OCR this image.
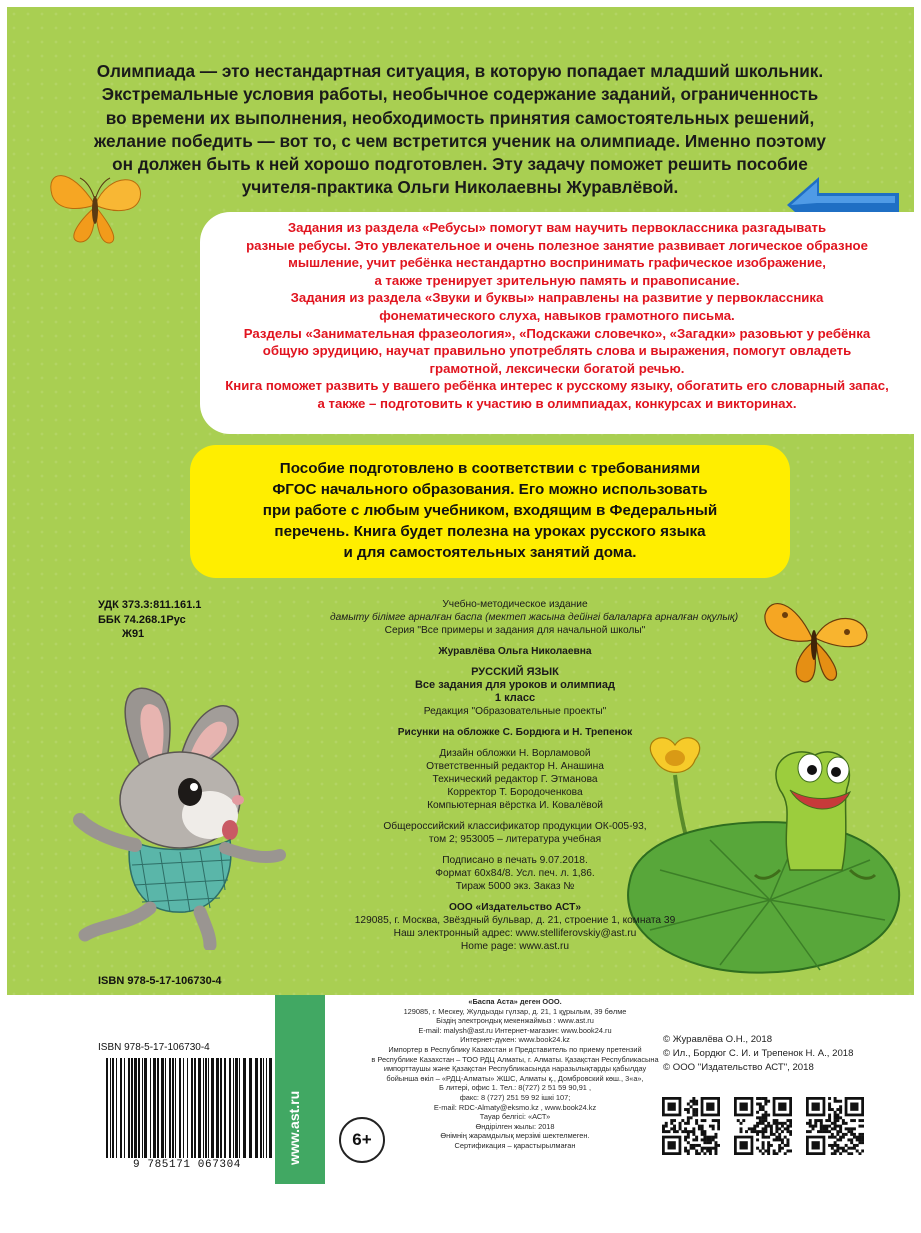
Олимпиада — это нестандартная ситуация, в которую попадает младший школьник.
Экстремальные условия работы, необычное содержание заданий, ограниченность
во времени их выполнения, необходимость принятия самостоятельных решений,
желание победить — вот то, с чем встретится ученик на олимпиаде. Именно поэтому
он должен быть к ней хорошо подготовлен. Эту задачу поможет решить пособие
учителя-практика Ольги Николаевны Журавлёвой.
Задания из раздела «Ребусы» помогут вам научить первоклассника разгадывать
разные ребусы. Это увлекательное и очень полезное занятие развивает логическое образное
мышление, учит ребёнка нестандартно воспринимать графическое изображение,
а также тренирует зрительную память и правописание.
Задания из раздела «Звуки и буквы» направлены на развитие у первоклассника
фонематического слуха, навыков грамотного письма.
Разделы «Занимательная фразеология», «Подскажи словечко», «Загадки» разовьют у ребёнка
общую эрудицию, научат правильно употреблять слова и выражения, помогут овладеть
грамотной, лексически богатой речью.
Книга поможет развить у вашего ребёнка интерес к русскому языку, обогатить его словарный запас,
а также – подготовить к участию в олимпиадах, конкурсах и викторинах.
Пособие подготовлено в соответствии с требованиями
ФГОС начального образования. Его можно использовать
при работе с любым учебником, входящим в Федеральный
перечень. Книга будет полезна на уроках русского языка
и для самостоятельных занятий дома.
УДК 373.3:811.161.1
ББК 74.268.1Рус
Ж91
Учебно-методическое издание
дамыту білімге арналған баспа (мектеп жасына дейінгі балаларға арналған оқулық)
Серия "Все примеры и задания для начальной школы"
Журавлёва Ольга Николаевна
РУССКИЙ ЯЗЫК
Все задания для уроков и олимпиад
1 класс
Редакция "Образовательные проекты"
Рисунки на обложке С. Бордюга и Н. Трепенок
Дизайн обложки Н. Ворламовой
Ответственный редактор Н. Анашина
Технический редактор Г. Этманова
Корректор Т. Бородоченкова
Компьютерная вёрстка И. Ковалёвой
Общероссийский классификатор продукции ОК-005-93,
том 2; 953005 – литература учебная
Подписано в печать 9.07.2018.
Формат 60x84/8. Усл. печ. л. 1,86.
Тираж 5000 экз. Заказ №
ООО «Издательство АСТ»
129085, г. Москва, Звёздный бульвар, д. 21, строение 1, комната 39
Наш электронный адрес: www.stelliferovskiy@ast.ru
Home page: www.ast.ru
ISBN 978-5-17-106730-4
«Баспа Аста» деген ООО.
129085, г. Мескеу, Жулдызды гүлзар, д. 21, 1 құрылым, 39 бөлме
Біздің электрондық мекенжаймыз : www.ast.ru
E-mail: malysh@ast.ru Интернет-магазин: www.book24.ru
Интернет-дүкен: www.book24.kz
Импортер в Республику Казахстан и Представитель по приему претензий
в Республике Казахстан – ТОО РДЦ Алматы, г. Алматы. Қазақстан Республикасына
импорттаушы және Қазақстан Республикасында наразылықтарды қабылдау
бойынша өкіл – «РДЦ-Алматы» ЖШС, Алматы қ., Домбровский көш., 3«а»,
Б литері, офис 1. Тел.: 8(727) 2 51 59 90,91 ,
факс: 8 (727) 251 59 92 ішкі 107;
E-mail: RDC-Almaty@eksmo.kz , www.book24.kz
Тауар белгісі: «АСТ»
Өндірілген жылы: 2018
Өнімнің жарамдылық мерзімі шектелмеген.
Сертификация – қарастырылмаған
ISBN 978-5-17-106730-4
9 785171 067304	www.ast.ru	6+
© Журавлёва О.Н., 2018
© Ил., Бордюг С. И. и Трепенок Н. А., 2018
© ООО "Издательство АСТ", 2018
